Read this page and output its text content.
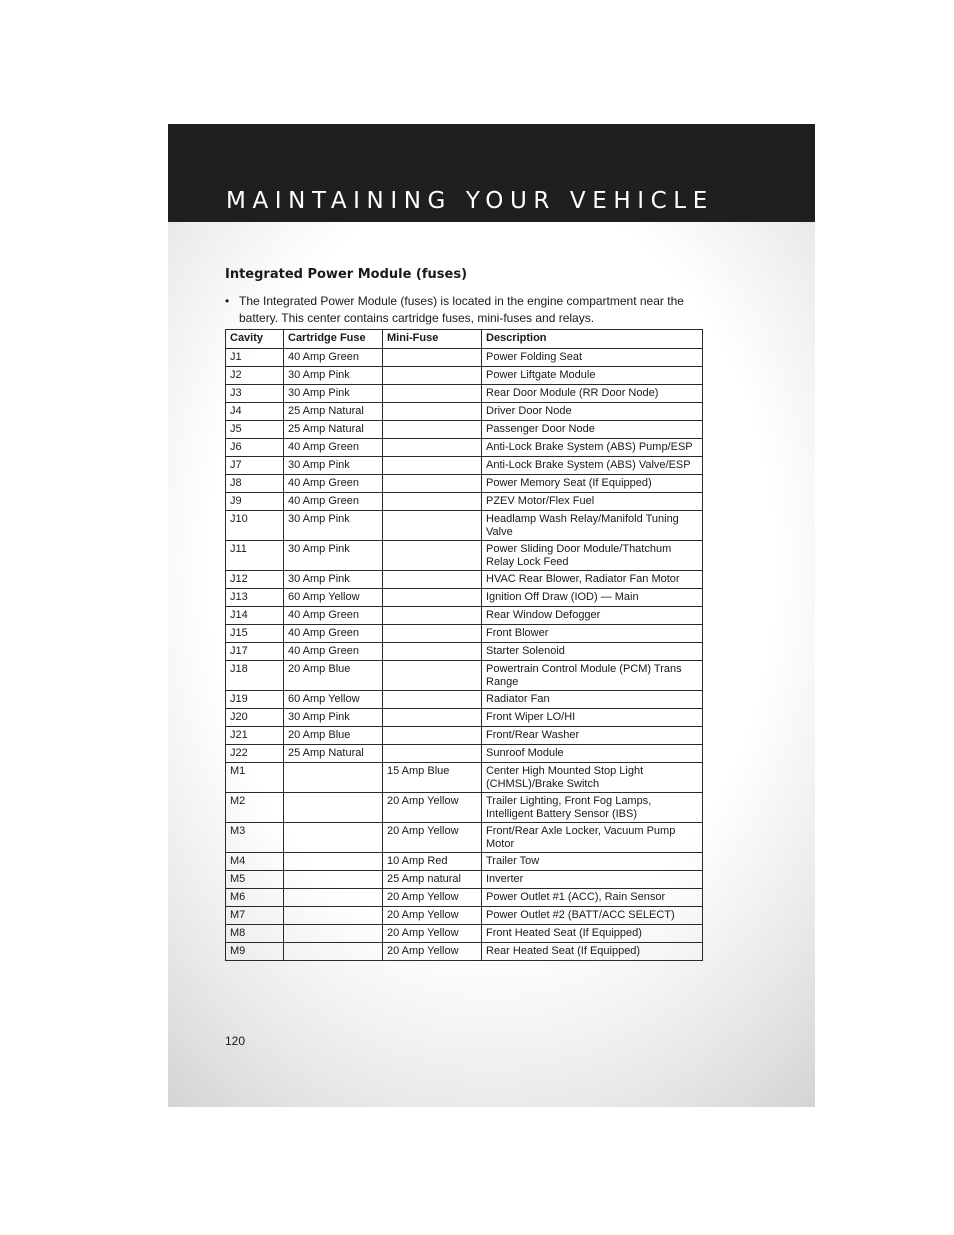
MAINTAINING YOUR VEHICLE
Integrated Power Module (fuses)
• The Integrated Power Module (fuses) is located in the engine compartment near the battery. This center contains cartridge fuses, mini-fuses and relays.
Cavity	Cartridge Fuse	Mini-Fuse	Description
J1	40 Amp Green		Power Folding Seat
J2	30 Amp Pink		Power Liftgate Module
J3	30 Amp Pink		Rear Door Module (RR Door Node)
J4	25 Amp Natural		Driver Door Node
J5	25 Amp Natural		Passenger Door Node
J6	40 Amp Green		Anti-Lock Brake System (ABS) Pump/ESP
J7	30 Amp Pink		Anti-Lock Brake System (ABS) Valve/ESP
J8	40 Amp Green		Power Memory Seat (If Equipped)
J9	40 Amp Green		PZEV Motor/Flex Fuel
J10	30 Amp Pink		Headlamp Wash Relay/Manifold Tuning Valve
J11	30 Amp Pink		Power Sliding Door Module/Thatchum Relay Lock Feed
J12	30 Amp Pink		HVAC Rear Blower, Radiator Fan Motor
J13	60 Amp Yellow		Ignition Off Draw (IOD) — Main
J14	40 Amp Green		Rear Window Defogger
J15	40 Amp Green		Front Blower
J17	40 Amp Green		Starter Solenoid
J18	20 Amp Blue		Powertrain Control Module (PCM) Trans Range
J19	60 Amp Yellow		Radiator Fan
J20	30 Amp Pink		Front Wiper LO/HI
J21	20 Amp Blue		Front/Rear Washer
J22	25 Amp Natural		Sunroof Module
M1		15 Amp Blue	Center High Mounted Stop Light (CHMSL)/Brake Switch
M2		20 Amp Yellow	Trailer Lighting, Front Fog Lamps, Intelligent Battery Sensor (IBS)
M3		20 Amp Yellow	Front/Rear Axle Locker, Vacuum Pump Motor
M4		10 Amp Red	Trailer Tow
M5		25 Amp natural	Inverter
M6		20 Amp Yellow	Power Outlet #1 (ACC), Rain Sensor
M7		20 Amp Yellow	Power Outlet #2 (BATT/ACC SELECT)
M8		20 Amp Yellow	Front Heated Seat (If Equipped)
M9		20 Amp Yellow	Rear Heated Seat (If Equipped)
120
